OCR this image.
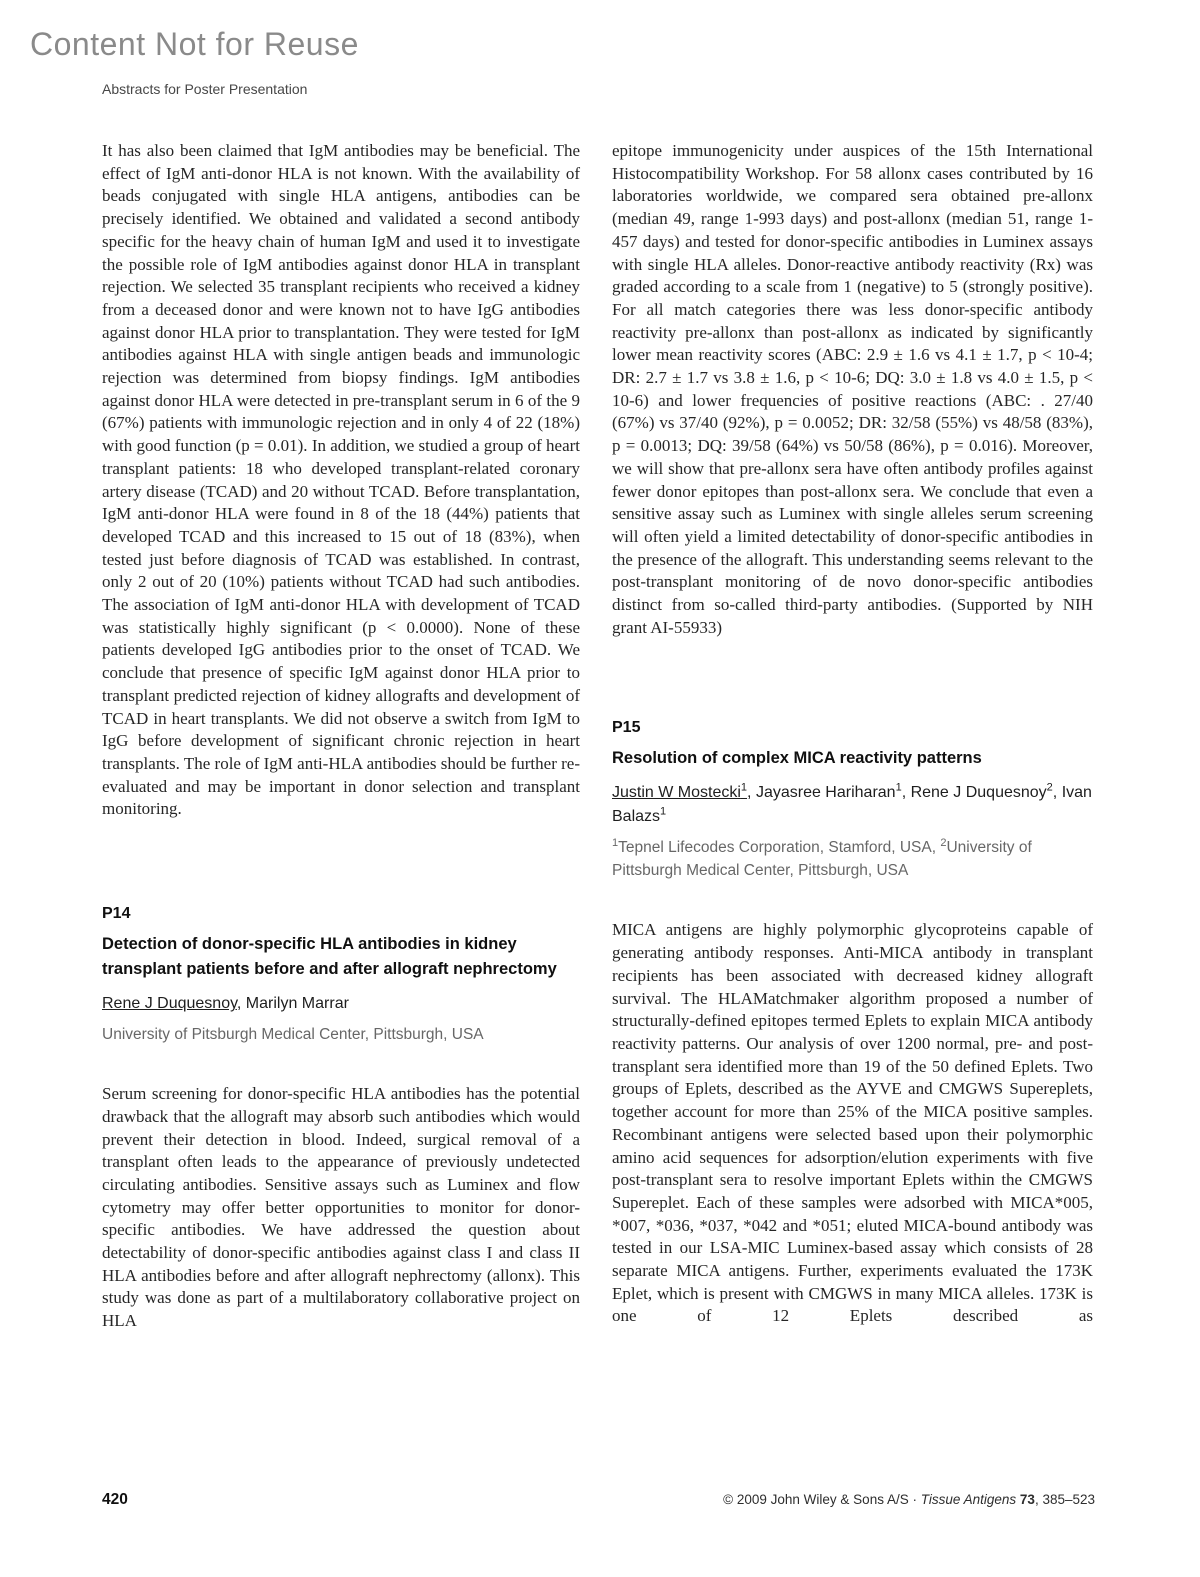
Content Not for Reuse
Abstracts for Poster Presentation

It has also been claimed that IgM antibodies may be beneficial. The effect of IgM anti-donor HLA is not known. With the availability of beads conjugated with single HLA antigens, antibodies can be precisely identified. We obtained and validated a second antibody specific for the heavy chain of human IgM and used it to investigate the possible role of IgM antibodies against donor HLA in transplant rejection. We selected 35 transplant recipients who received a kidney from a deceased donor and were known not to have IgG antibodies against donor HLA prior to transplantation. They were tested for IgM antibodies against HLA with single antigen beads and immunologic rejection was determined from biopsy findings. IgM antibodies against donor HLA were detected in pre-transplant serum in 6 of the 9 (67%) patients with immunologic rejection and in only 4 of 22 (18%) with good function (p = 0.01). In addition, we studied a group of heart transplant patients: 18 who developed transplant-related coronary artery disease (TCAD) and 20 without TCAD. Before transplantation, IgM anti-donor HLA were found in 8 of the 18 (44%) patients that developed TCAD and this increased to 15 out of 18 (83%), when tested just before diagnosis of TCAD was established. In contrast, only 2 out of 20 (10%) patients without TCAD had such antibodies. The association of IgM anti-donor HLA with development of TCAD was statistically highly significant (p < 0.0000). None of these patients developed IgG antibodies prior to the onset of TCAD. We conclude that presence of specific IgM against donor HLA prior to transplant predicted rejection of kidney allografts and development of TCAD in heart transplants. We did not observe a switch from IgM to IgG before development of significant chronic rejection in heart transplants. The role of IgM anti-HLA antibodies should be further re-evaluated and may be important in donor selection and transplant monitoring.

P14
Detection of donor-specific HLA antibodies in kidney transplant patients before and after allograft nephrectomy

Rene J Duquesnoy, Marilyn Marrar

University of Pitsburgh Medical Center, Pittsburgh, USA

Serum screening for donor-specific HLA antibodies has the potential drawback that the allograft may absorb such antibodies which would prevent their detection in blood. Indeed, surgical removal of a transplant often leads to the appearance of previously undetected circulating antibodies. Sensitive assays such as Luminex and flow cytometry may offer better opportunities to monitor for donor-specific antibodies. We have addressed the question about detectability of donor-specific antibodies against class I and class II HLA antibodies before and after allograft nephrectomy (allonx). This study was done as part of a multilaboratory collaborative project on HLA

epitope immunogenicity under auspices of the 15th International Histocompatibility Workshop. For 58 allonx cases contributed by 16 laboratories worldwide, we compared sera obtained pre-allonx (median 49, range 1-993 days) and post-allonx (median 51, range 1-457 days) and tested for donor-specific antibodies in Luminex assays with single HLA alleles. Donor-reactive antibody reactivity (Rx) was graded according to a scale from 1 (negative) to 5 (strongly positive). For all match categories there was less donor-specific antibody reactivity pre-allonx than post-allonx as indicated by significantly lower mean reactivity scores (ABC: 2.9 ± 1.6 vs 4.1 ± 1.7, p < 10-4; DR: 2.7 ± 1.7 vs 3.8 ± 1.6, p < 10-6; DQ: 3.0 ± 1.8 vs 4.0 ± 1.5, p < 10-6) and lower frequencies of positive reactions (ABC: . 27/40 (67%) vs 37/40 (92%), p = 0.0052; DR: 32/58 (55%) vs 48/58 (83%), p = 0.0013; DQ: 39/58 (64%) vs 50/58 (86%), p = 0.016). Moreover, we will show that pre-allonx sera have often antibody profiles against fewer donor epitopes than post-allonx sera. We conclude that even a sensitive assay such as Luminex with single alleles serum screening will often yield a limited detectability of donor-specific antibodies in the presence of the allograft. This understanding seems relevant to the post-transplant monitoring of de novo donor-specific antibodies distinct from so-called third-party antibodies. (Supported by NIH grant AI-55933)

P15
Resolution of complex MICA reactivity patterns

Justin W Mostecki$^1$, Jayasree Hariharan$^1$, Rene J Duquesnoy$^2$, Ivan Balazs$^1$

$^1$Tepnel Lifecodes Corporation, Stamford, USA, $^2$University of Pittsburgh Medical Center, Pittsburgh, USA

MICA antigens are highly polymorphic glycoproteins capable of generating antibody responses. Anti-MICA antibody in transplant recipients has been associated with decreased kidney allograft survival. The HLAMatchmaker algorithm proposed a number of structurally-defined epitopes termed Eplets to explain MICA antibody reactivity patterns. Our analysis of over 1200 normal, pre- and post-transplant sera identified more than 19 of the 50 defined Eplets. Two groups of Eplets, described as the AYVE and CMGWS Supereplets, together account for more than 25% of the MICA positive samples. Recombinant antigens were selected based upon their polymorphic amino acid sequences for adsorption/elution experiments with five post-transplant sera to resolve important Eplets within the CMGWS Supereplet. Each of these samples were adsorbed with MICA*005, *007, *036, *037, *042 and *051; eluted MICA-bound antibody was tested in our LSA-MIC Luminex-based assay which consists of 28 separate MICA antigens. Further, experiments evaluated the 173K Eplet, which is present with CMGWS in many MICA alleles. 173K is one of 12 Eplets described as

420	© 2009 John Wiley & Sons A/S · Tissue Antigens 73, 385–523
